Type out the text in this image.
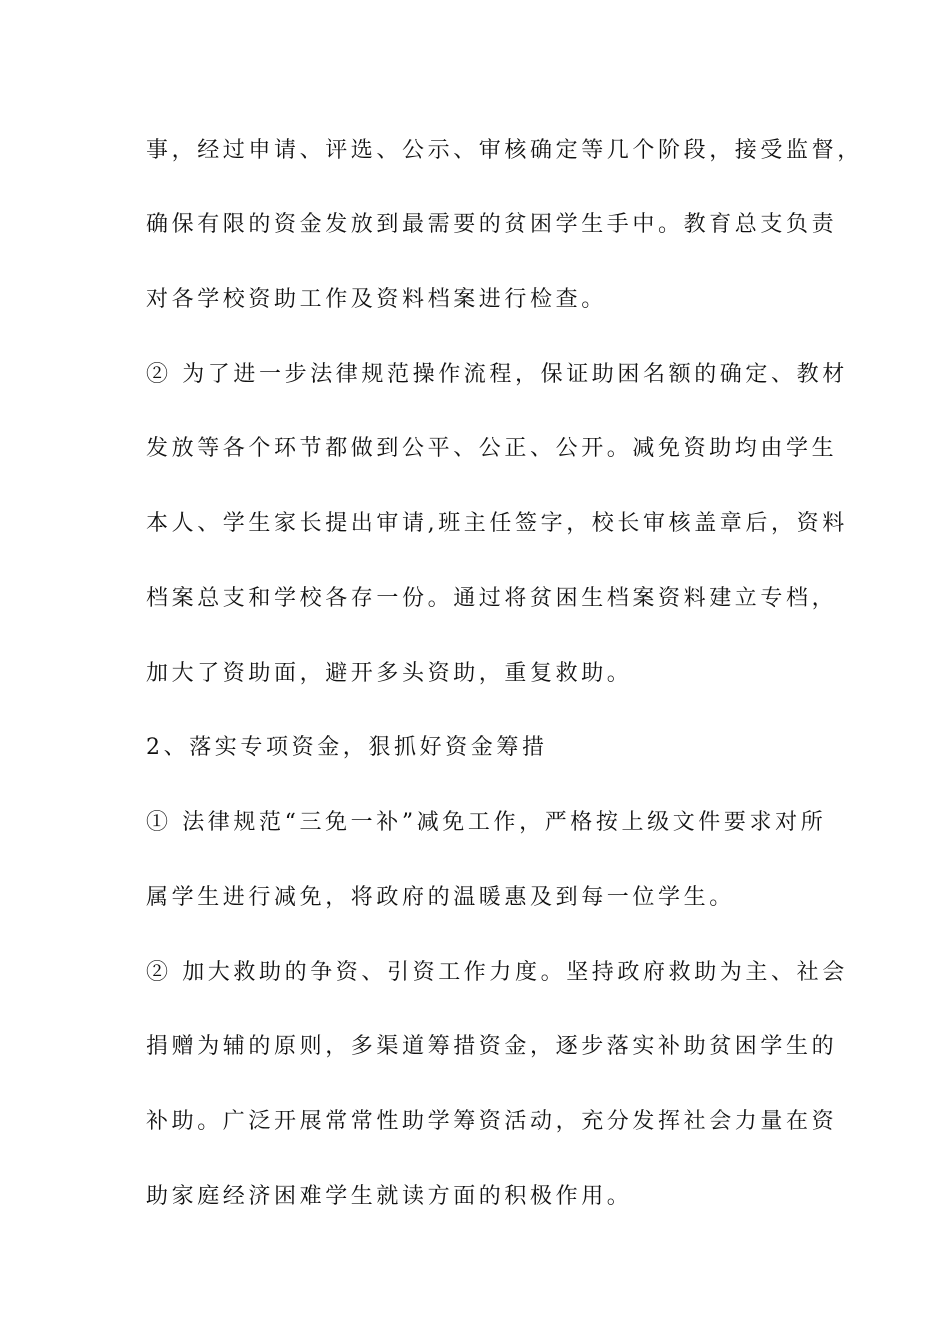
事，经过申请、评选、公示、审核确定等几个阶段，接受监督，
确保有限的资金发放到最需要的贫困学生手中。教育总支负责
对各学校资助工作及资料档案进行检查。
② 为了进一步法律规范操作流程，保证助困名额的确定、教材
发放等各个环节都做到公平、公正、公开。减免资助均由学生
本人、学生家长提出审请,班主任签字，校长审核盖章后，资料
档案总支和学校各存一份。通过将贫困生档案资料建立专档，
加大了资助面，避开多头资助，重复救助。
2、落实专项资金，狠抓好资金筹措
① 法律规范“三免一补”减免工作，严格按上级文件要求对所
属学生进行减免，将政府的温暖惠及到每一位学生。
② 加大救助的争资、引资工作力度。坚持政府救助为主、社会
捐赠为辅的原则，多渠道筹措资金，逐步落实补助贫困学生的
补助。广泛开展常常性助学筹资活动，充分发挥社会力量在资
助家庭经济困难学生就读方面的积极作用。
